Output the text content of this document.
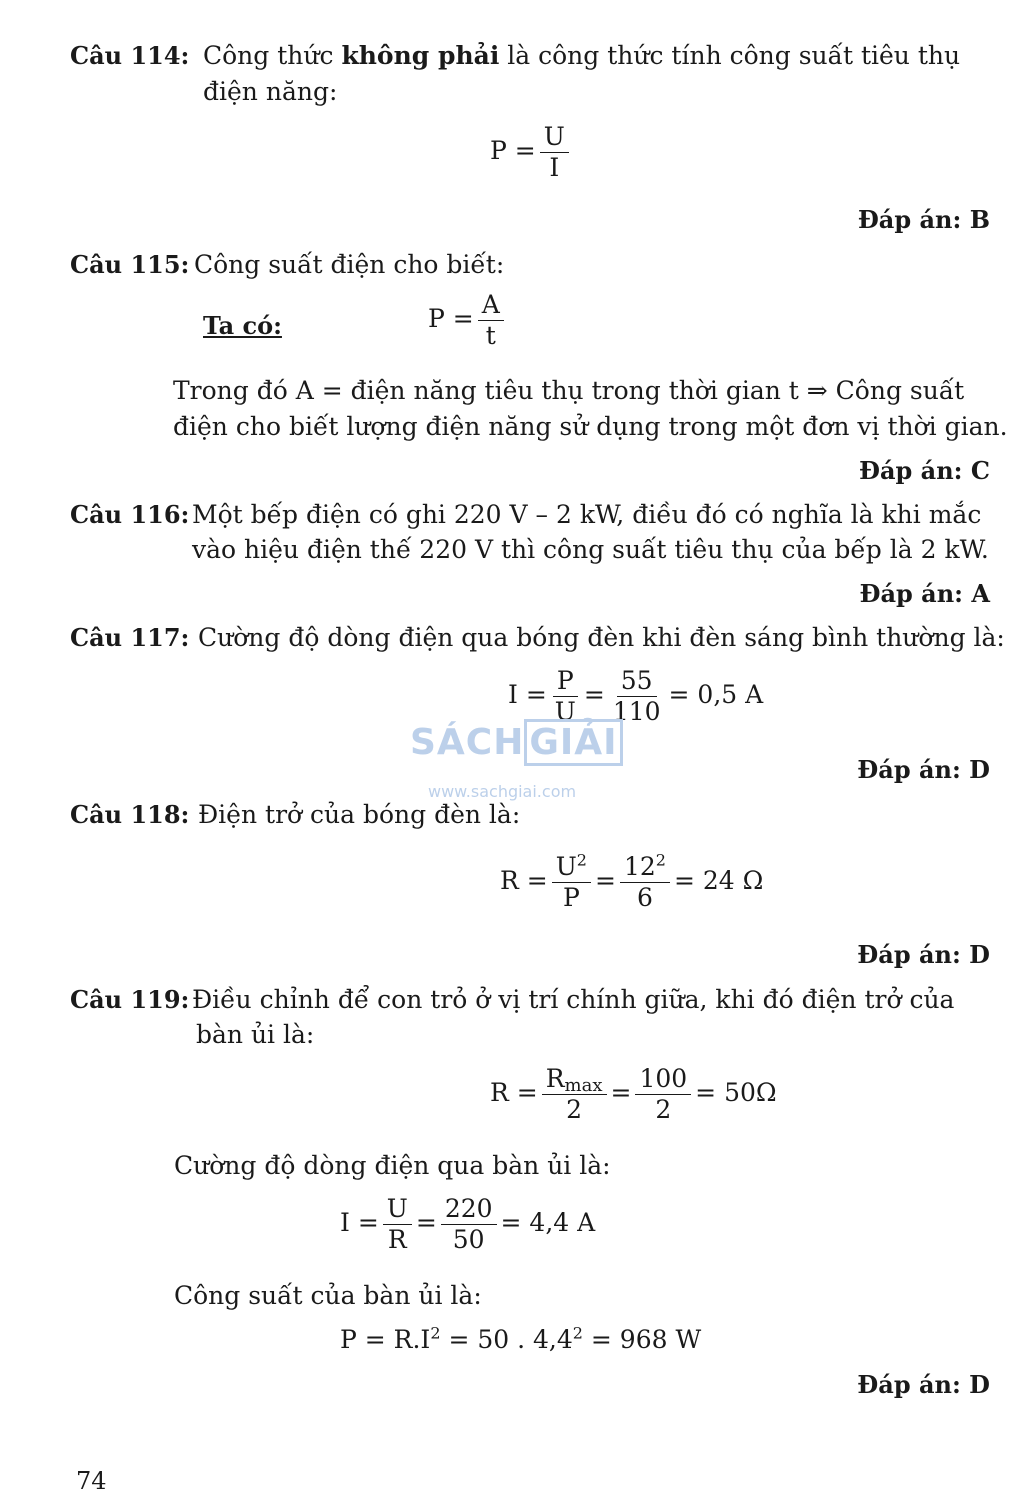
Câu 114: Công thức không phải là công thức tính công suất tiêu thụ
điện năng:
$P = \frac{U}{I}$
Đáp án: B
Câu 115: Công suất điện cho biết:
Ta có:	$P = \frac{A}{t}$
Trong đó A = điện năng tiêu thụ trong thời gian t ⇒ Công suất
điện cho biết lượng điện năng sử dụng trong một đơn vị thời gian.
Đáp án: C
Câu 116: Một bếp điện có ghi 220 V – 2 kW, điều đó có nghĩa là khi mắc
vào hiệu điện thế 220 V thì công suất tiêu thụ của bếp là 2 kW.
Đáp án: A
Câu 117: Cường độ dòng điện qua bóng đèn khi đèn sáng bình thường là:
$I = \frac{P}{U} = \frac{55}{110} = 0,5$ A
SÁCH GIẢI
www.sachgiai.com
Đáp án: D
Câu 118: Điện trở của bóng đèn là:
$R = \frac{U^2}{P} = \frac{12^2}{6} = 24$ Ω
Đáp án: D
Câu 119: Điều chỉnh để con trỏ ở vị trí chính giữa, khi đó điện trở của
bàn ủi là:
$R = \frac{R_{max}}{2} = \frac{100}{2} = 50\Omega$
Cường độ dòng điện qua bàn ủi là:
$I = \frac{U}{R} = \frac{220}{50} = 4,4$ A
Công suất của bàn ủi là:
$P = R.I^2 = 50$ . $4,4^2 = 968$ W
Đáp án: D
74
